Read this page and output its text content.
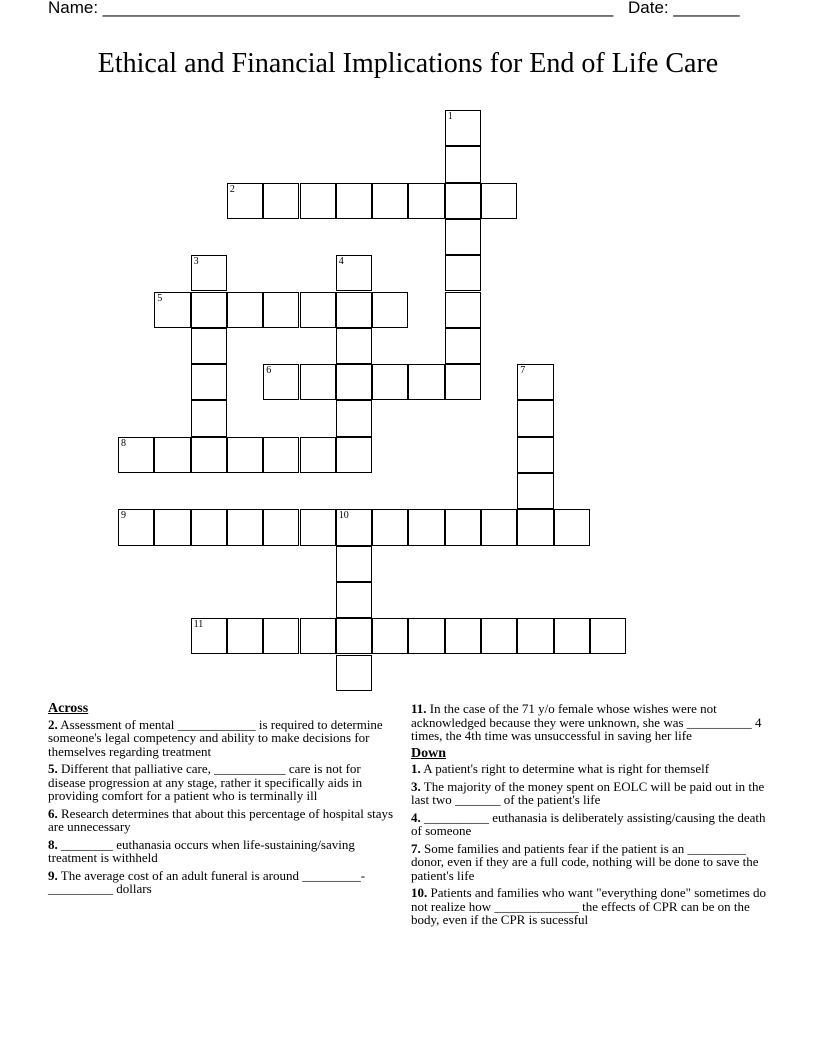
Name: ______________________________________________________ Date: _______
Ethical and Financial Implications for End of Life Care
1
2
3	4
5
6	7
8
9	10
11
Across
2. Assessment of mental ____________ is required to determine someone's legal competency and ability to make decisions for themselves regarding treatment
5. Different that palliative care, ___________ care is not for disease progression at any stage, rather it specifically aids in providing comfort for a patient who is terminally ill
6. Research determines that about this percentage of hospital stays are unnecessary
8. ________ euthanasia occurs when life-sustaining/saving treatment is withheld
9. The average cost of an adult funeral is around _________-__________ dollars
11. In the case of the 71 y/o female whose wishes were not acknowledged because they were unknown, she was __________ 4 times, the 4th time was unsuccessful in saving her life
Down
1. A patient's right to determine what is right for themself
3. The majority of the money spent on EOLC will be paid out in the last two _______ of the patient's life
4. __________ euthanasia is deliberately assisting/causing the death of someone
7. Some families and patients fear if the patient is an _________ donor, even if they are a full code, nothing will be done to save the patient's life
10. Patients and families who want "everything done" sometimes do not realize how _____________ the effects of CPR can be on the body, even if the CPR is sucessful
